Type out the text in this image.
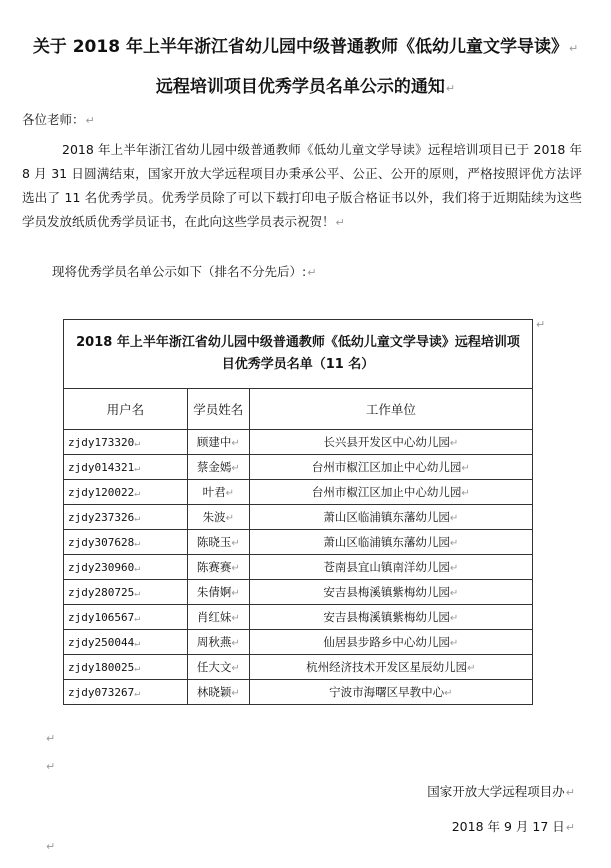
关于 2018 年上半年浙江省幼儿园中级普通教师《低幼儿童文学导读》↵
远程培训项目优秀学员名单公示的通知↵

各位老师：↵

2018 年上半年浙江省幼儿园中级普通教师《低幼儿童文学导读》远程培训项目已于 2018 年 8 月 31 日圆满结束，国家开放大学远程项目办秉承公平、公正、公开的原则，严格按照评优方法评选出了 11 名优秀学员。优秀学员除了可以下载打印电子版合格证书以外，我们将于近期陆续为这些学员发放纸质优秀学员证书，在此向这些学员表示祝贺！↵

现将优秀学员名单公示如下（排名不分先后）:↵

2018 年上半年浙江省幼儿园中级普通教师《低幼儿童文学导读》远程培训项目优秀学员名单（11 名）		
用户名	学员姓名	工作单位
zjdy173320↵	顾建中↵	长兴县开发区中心幼儿园↵
zjdy014321↵	蔡金嫣↵	台州市椒江区加止中心幼儿园↵
zjdy120022↵	叶君↵	台州市椒江区加止中心幼儿园↵
zjdy237326↵	朱波↵	萧山区临浦镇东藩幼儿园↵
zjdy307628↵	陈晓玉↵	萧山区临浦镇东藩幼儿园↵
zjdy230960↵	陈赛赛↵	苍南县宜山镇南洋幼儿园↵
zjdy280725↵	朱倩婀↵	安吉县梅溪镇紫梅幼儿园↵
zjdy106567↵	肖红妹↵	安吉县梅溪镇紫梅幼儿园↵
zjdy250044↵	周秋燕↵	仙居县步路乡中心幼儿园↵
zjdy180025↵	任大文↵	杭州经济技术开发区星辰幼儿园↵
zjdy073267↵	林晓颖↵	宁波市海曙区早教中心↵
↵
↵
↵
国家开放大学远程项目办↵
2018 年 9 月 17 日↵
↵
